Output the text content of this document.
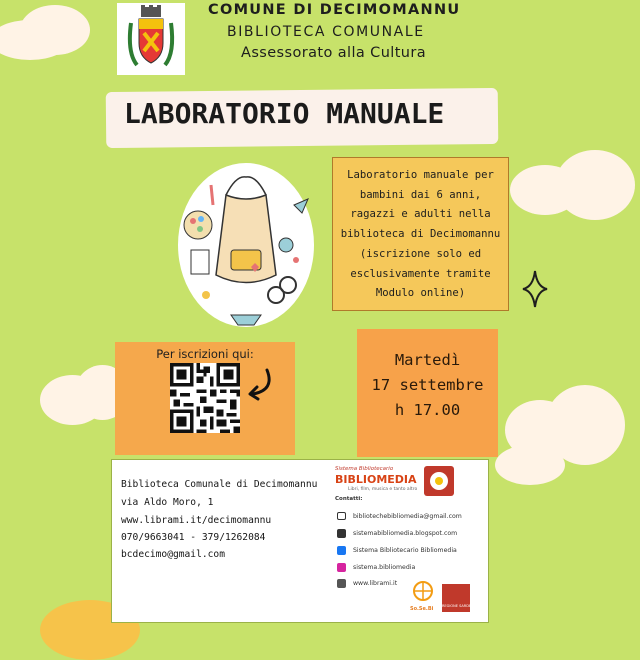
COMUNE DI DECIMOMANNU
BIBLIOTECA COMUNALE
Assessorato alla Cultura
LABORATORIO MANUALE
Laboratorio manuale per
bambini dai 6 anni,
ragazzi e adulti nella
biblioteca di Decimomannu
(iscrizione solo ed
esclusivamente tramite
Modulo online)
Per iscrizioni qui:	Martedì
17 settembre
h 17.00
Biblioteca Comunale di Decimomannu
via Aldo Moro, 1
www.librami.it/decimomannu
070/9663041 - 379/1262084
bcdecimo@gmail.com
Sistema Bibliotecario
BIBLIOMEDIA
Libri, film, musica e tanto altro
Contatti:
bibliotechebibliomedia@gmail.com
sistemabibliomedia.blogspot.com
Sistema Bibliotecario Bibliomedia
sistema.bibliomedia
www.librami.it
So.Se.Bi	REGIONE SARDEGNA
